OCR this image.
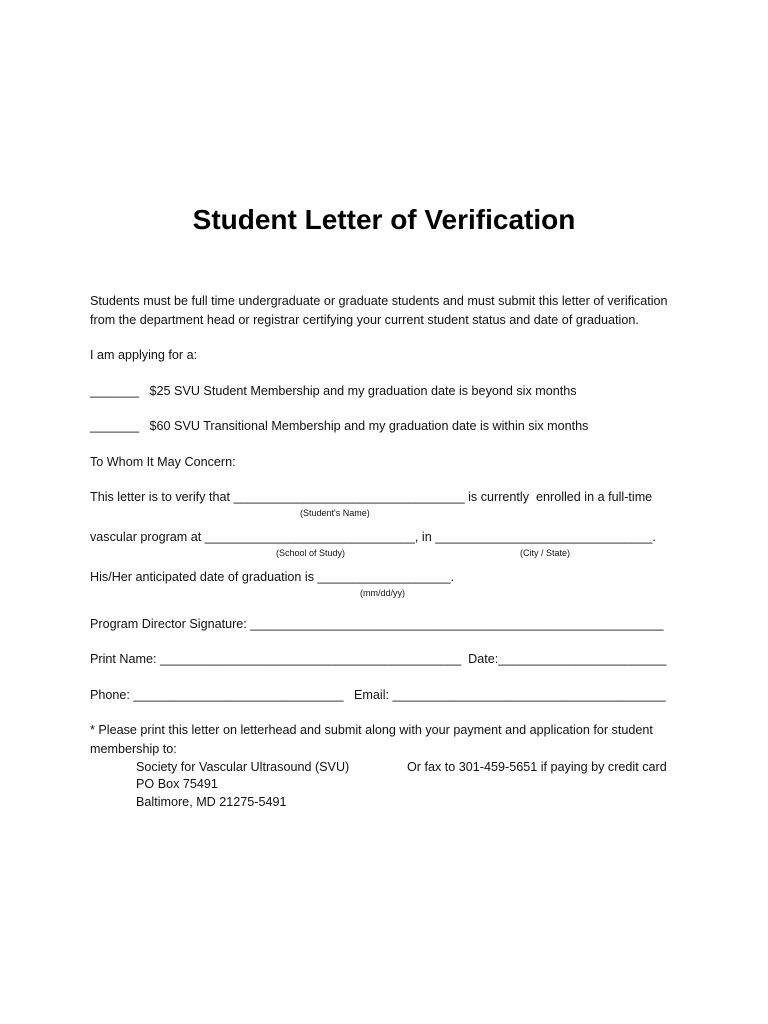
Student Letter of Verification
Students must be full time undergraduate or graduate students and must submit this letter of verification
from the department head or registrar certifying your current student status and date of graduation.
I am applying for a:
_______ $25 SVU Student Membership and my graduation date is beyond six months
_______ $60 SVU Transitional Membership and my graduation date is within six months
To Whom It May Concern:
This letter is to verify that _________________________________ is currently  enrolled in a full-time
(Student's Name)
vascular program at ______________________________, in _______________________________.
(School of Study)	(City / State)
His/Her anticipated date of graduation is ___________________.
(mm/dd/yy)
Program Director Signature: ___________________________________________________________
Print Name: ___________________________________________  Date:________________________
Phone: ______________________________   Email: _______________________________________
* Please print this letter on letterhead and submit along with your payment and application for student
membership to:
Society for Vascular Ultrasound (SVU)	Or fax to 301-459-5651 if paying by credit card
PO Box 75491
Baltimore, MD 21275-5491
